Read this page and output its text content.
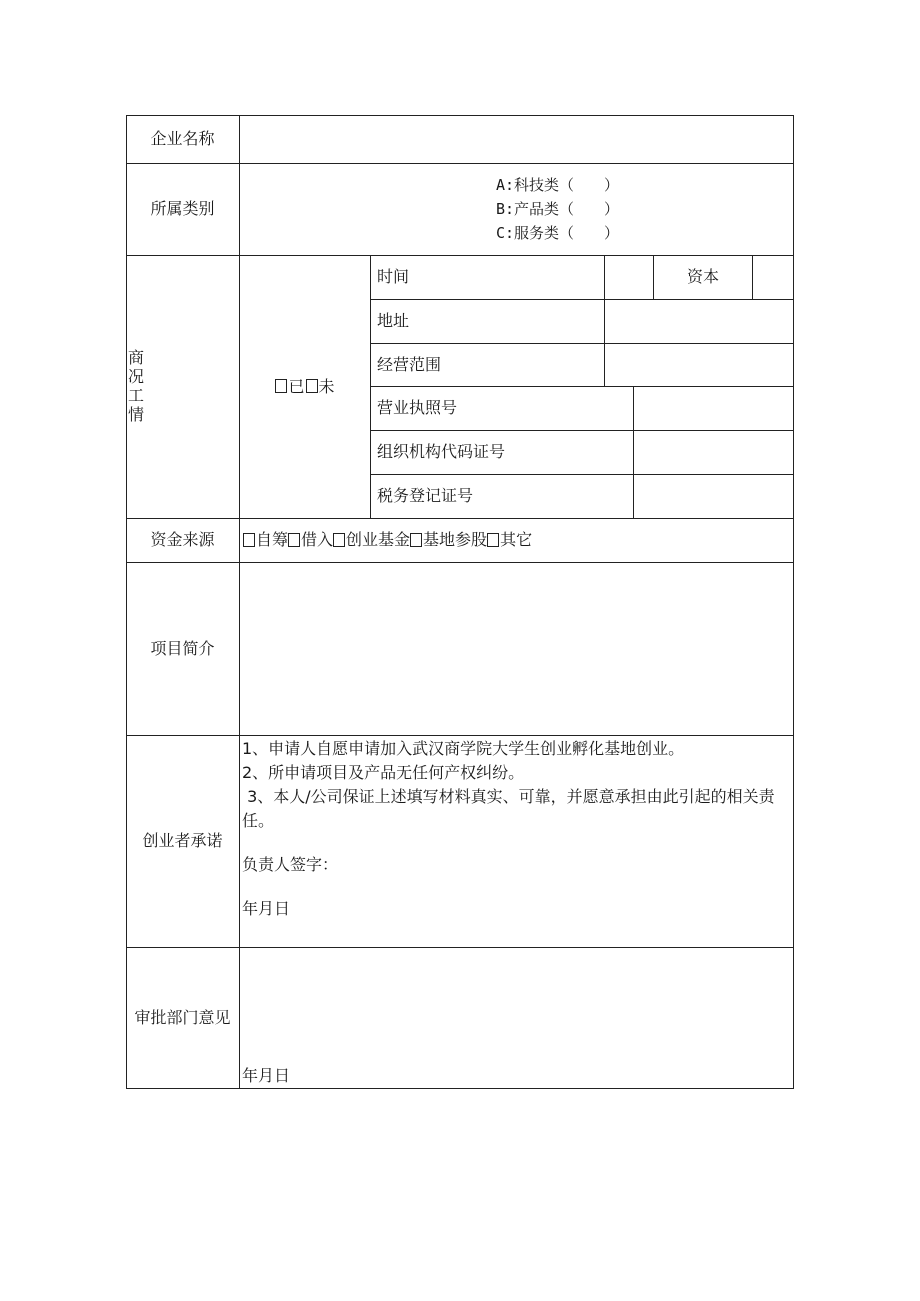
企业名称
所属类别
A:科技类（　　）
B:产品类（　　）
C:服务类（　　）
商
况
工
情
已 未
时间	资本
地址
经营范围
营业执照号
组织机构代码证号
税务登记证号
资金来源	自筹 借入 创业基金 基地参股 其它
项目简介
创业者承诺

1、申请人自愿申请加入武汉商学院大学生创业孵化基地创业。

2、所申请项目及产品无任何产权纠纷。

3、本人/公司保证上述填写材料真实、可靠，并愿意承担由此引起的相关责任。

负责人签字：

年月日

审批部门意见
年月日
